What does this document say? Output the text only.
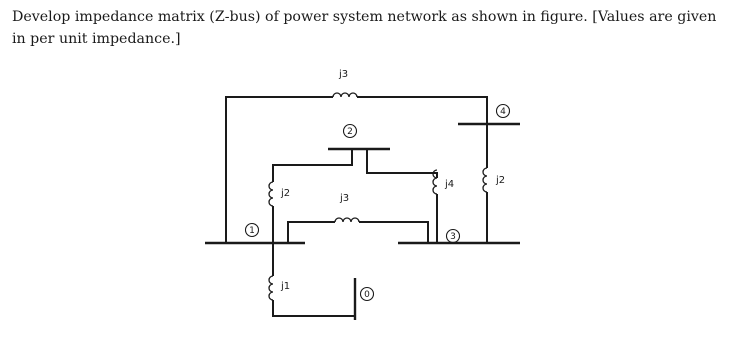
Develop impedance matrix (Z-bus) of power system network as shown in figure. [Values are given in per unit impedance.]

j3
j2	j3
j4	j2
j1
1
2
3
4
0
